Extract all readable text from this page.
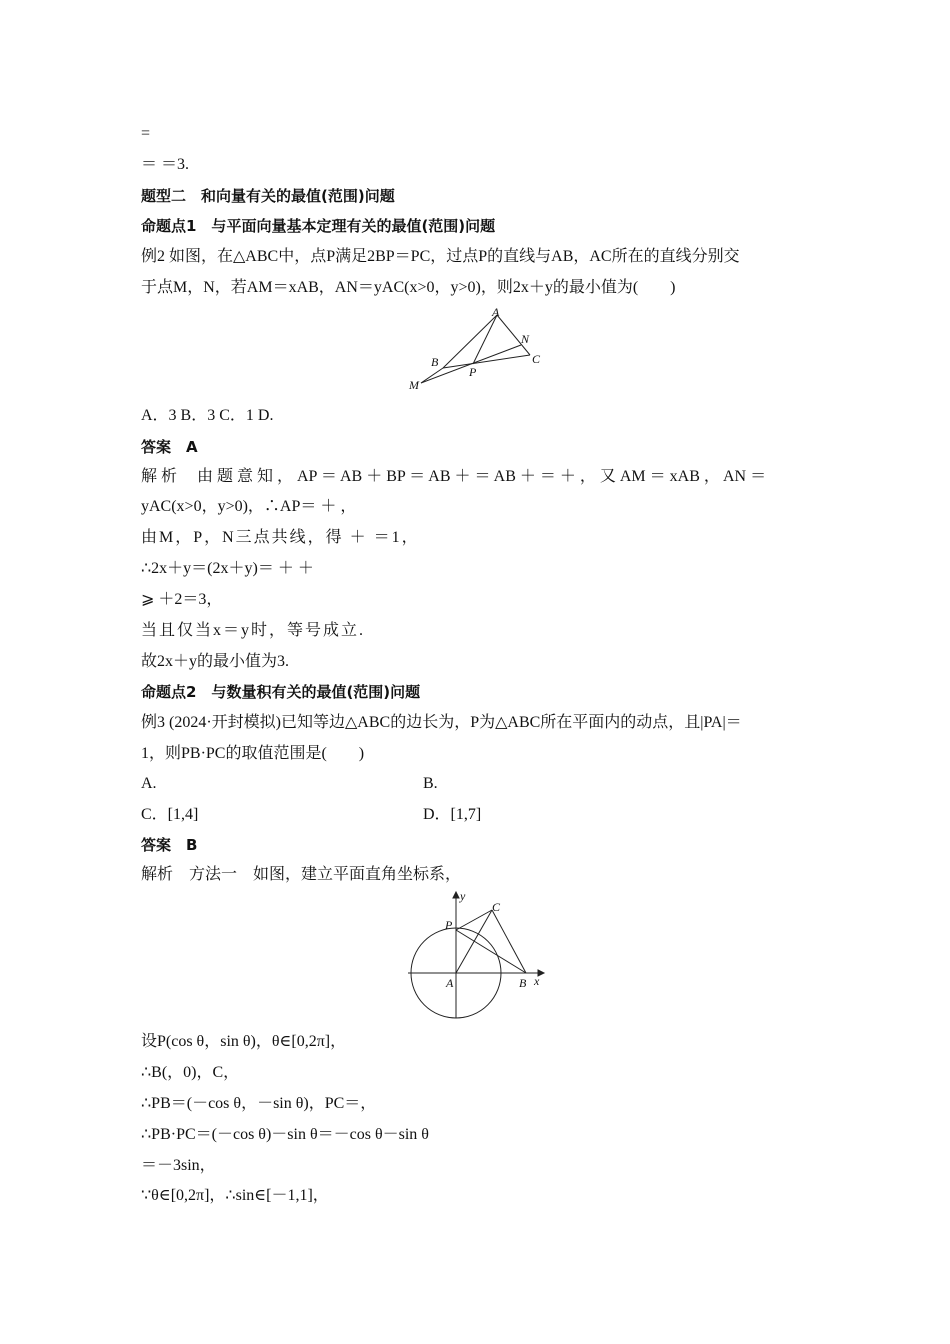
=
＝ ＝3.
题型二　和向量有关的最值(范围)问题
命题点1　与平面向量基本定理有关的最值(范围)问题
例2 如图，在△ABC中，点P满足2BP＝PC，过点P的直线与AB，AC所在的直线分别交
于点M，N，若AM＝xAB，AN＝yAC(x>0，y>0)，则2x＋y的最小值为(　　)
A
N
B	C
P
M
A．3 B．3 C．1 D.
答案　A
解 析　 由 题 意 知 ， AP ＝ AB ＋ BP ＝ AB ＋ ＝ AB ＋ ＝ ＋ ， 又 AM ＝ xAB ， AN ＝
yAC(x>0，y>0)，∴AP＝ ＋ ，
由M，P，N三点共线，得 ＋ ＝1，
∴2x＋y＝(2x＋y)＝ ＋ ＋
⩾ ＋2＝3，
当且仅当x＝y时，等号成立.
故2x＋y的最小值为3.
命题点2　与数量积有关的最值(范围)问题
例3 (2024·开封模拟)已知等边△ABC的边长为，P为△ABC所在平面内的动点，且|PA|＝
1，则PB·PC的取值范围是(　　)
A.	B.
C．[1,4]	D．[1,7]
答案　B
解析　方法一　如图，建立平面直角坐标系，
y
C
P
A	B x
设P(cos θ，sin θ)，θ∈[0,2π]，
∴B(，0)，C，
∴PB＝(－cos θ，－sin θ)，PC＝，
∴PB·PC＝(－cos θ)－sin θ＝－cos θ－sin θ
＝－3sin，
∵θ∈[0,2π]，∴sin∈[－1,1]，
